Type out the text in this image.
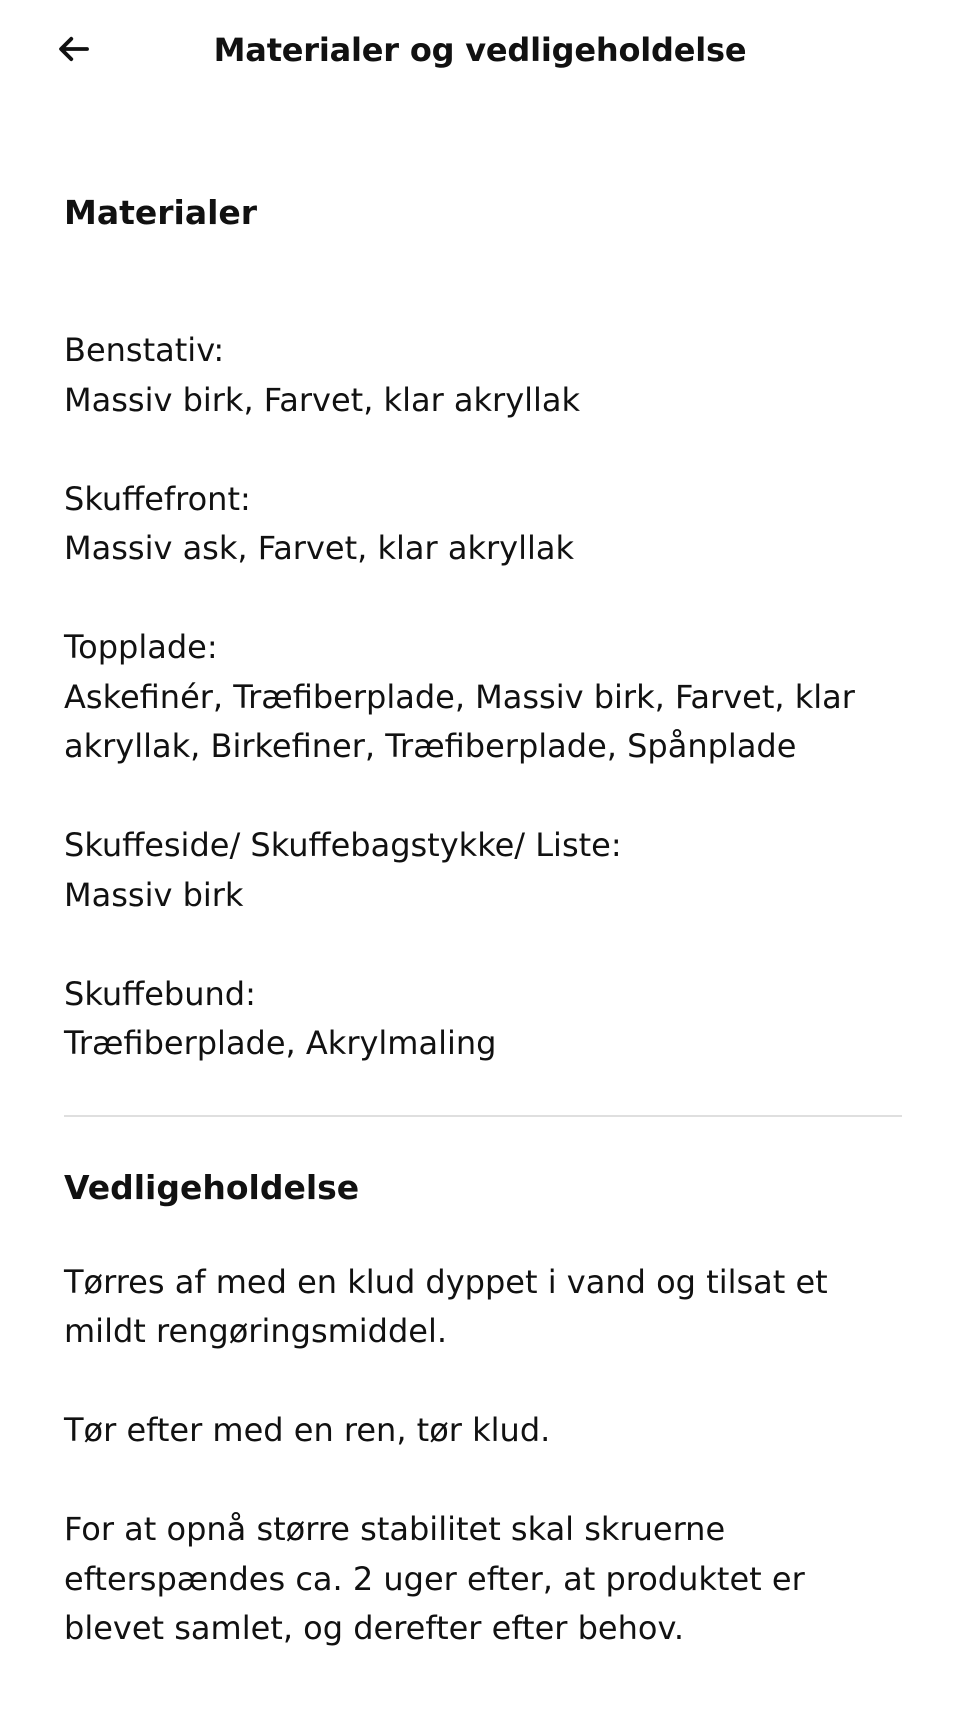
Materialer og vedligeholdelse
Materialer
Benstativ:
Massiv birk, Farvet, klar akryllak
Skuffefront:
Massiv ask, Farvet, klar akryllak
Topplade:
Askefinér, Træfiberplade, Massiv birk, Farvet, klar akryllak, Birkefiner, Træfiberplade, Spånplade
Skuffeside/ Skuffebagstykke/ Liste:
Massiv birk
Skuffebund:
Træfiberplade, Akrylmaling
Vedligeholdelse

Tørres af med en klud dyppet i vand og tilsat et mildt rengøringsmiddel.

Tør efter med en ren, tør klud.

For at opnå større stabilitet skal skruerne efterspændes ca. 2 uger efter, at produktet er blevet samlet, og derefter efter behov.
